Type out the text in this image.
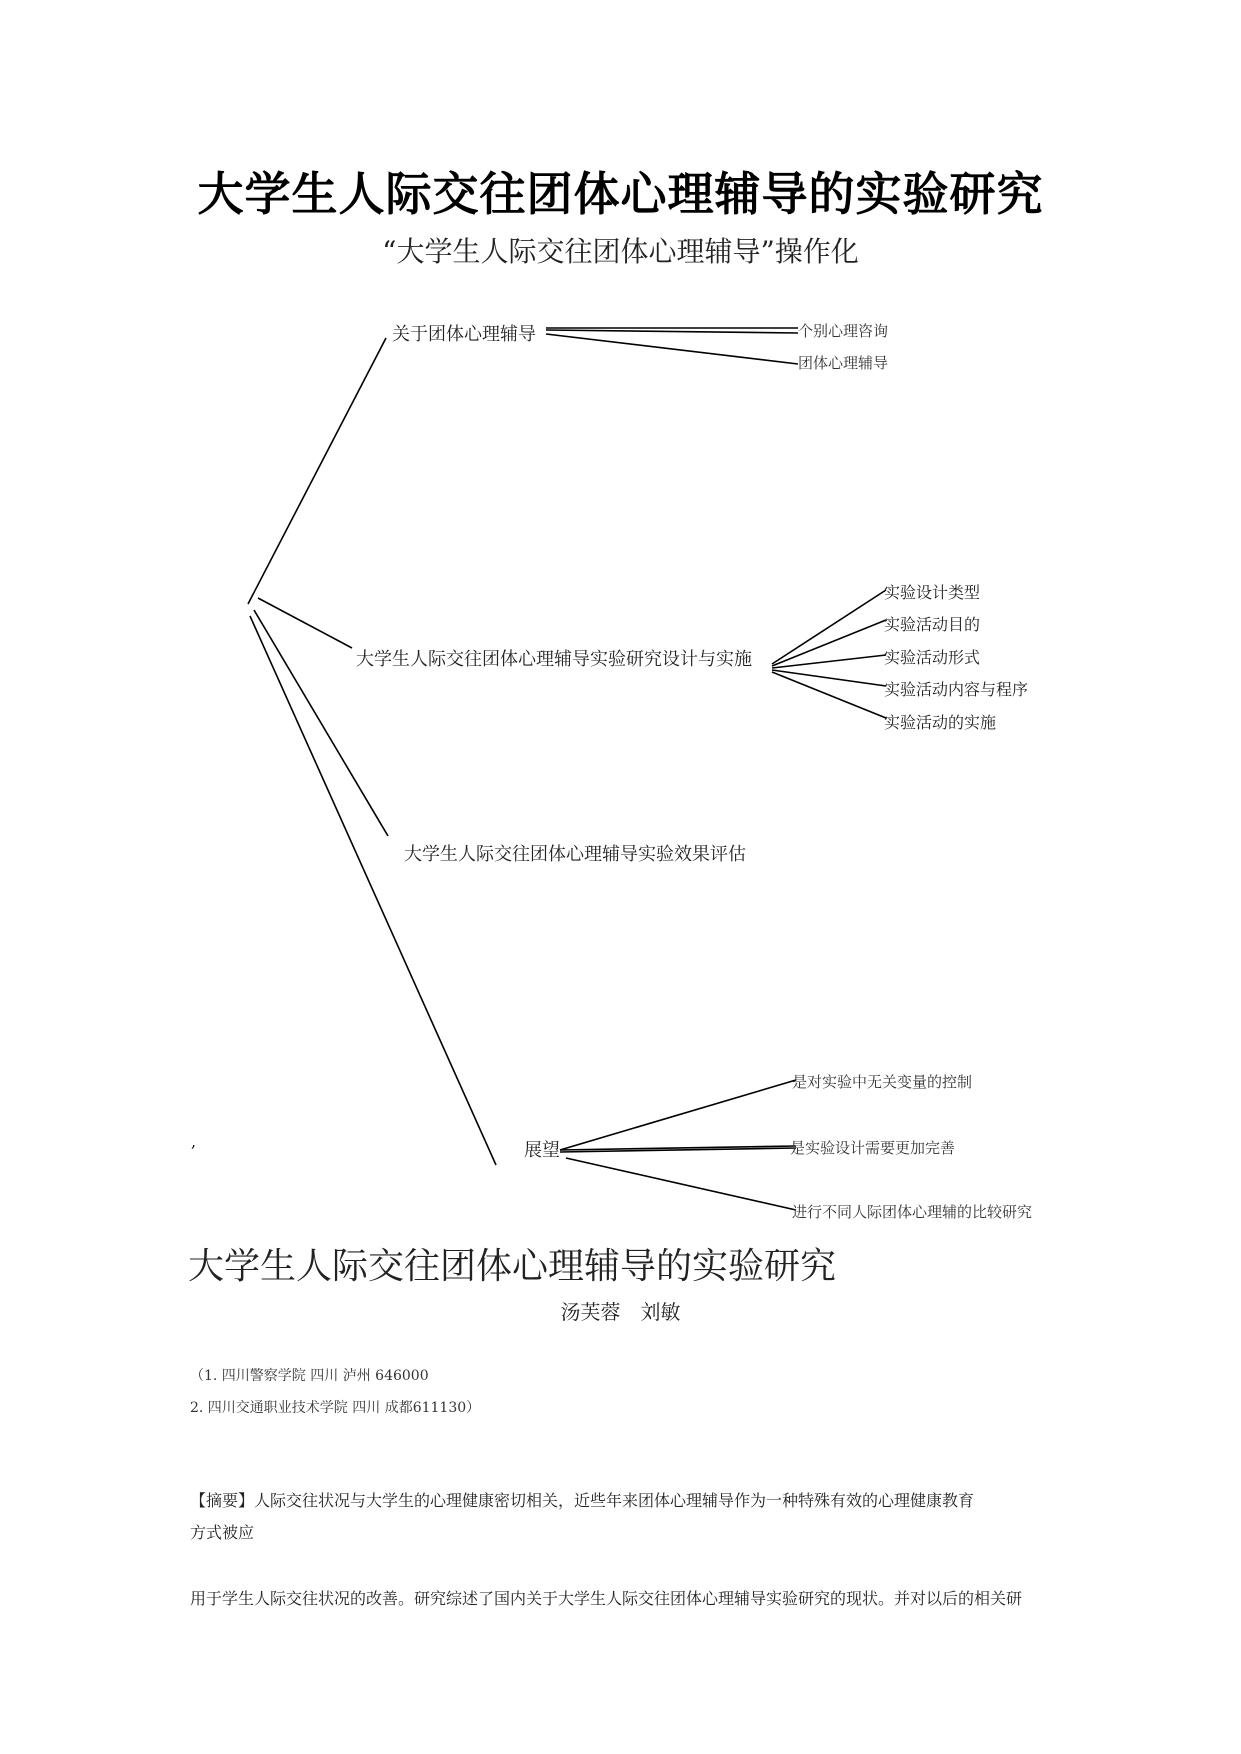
大学生人际交往团体心理辅导的实验研究
“大学生人际交往团体心理辅导”操作化
关于团体心理辅导	个别心理咨询
团体心理辅导
大学生人际交往团体心理辅导实验研究设计与实施
实验设计类型
实验活动目的
实验活动形式
实验活动内容与程序
实验活动的实施
大学生人际交往团体心理辅导实验效果评估
展望
是对实验中无关变量的控制
是实验设计需要更加完善
进行不同人际团体心理辅的比较研究
,
大学生人际交往团体心理辅导的实验研究
汤芙蓉　刘敏
（1. 四川警察学院 四川 泸州 646000
2. 四川交通职业技术学院 四川 成都611130）
【摘要】人际交往状况与大学生的心理健康密切相关，近些年来团体心理辅导作为一种特殊有效的心理健康教育
方式被应
用于学生人际交往状况的改善。研究综述了国内关于大学生人际交往团体心理辅导实验研究的现状。并对以后的相关研
